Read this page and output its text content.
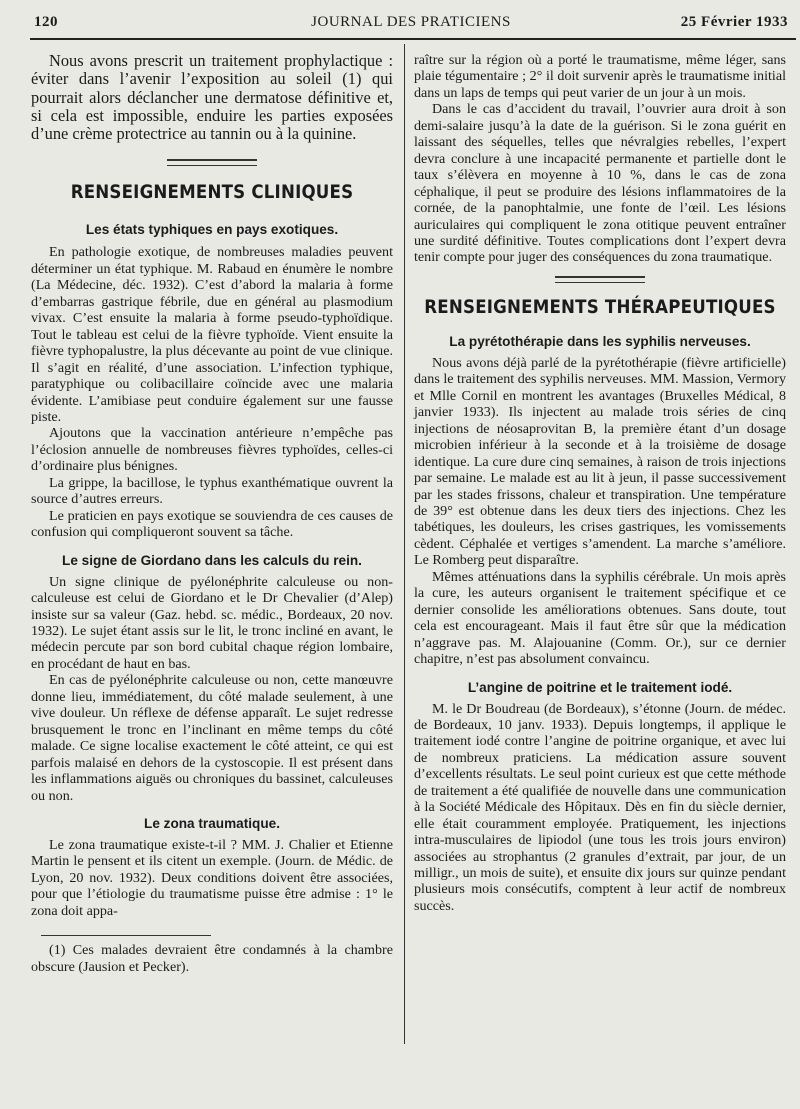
120	JOURNAL DES PRATICIENS	25 Février 1933

Nous avons prescrit un traitement prophylactique : éviter dans l’avenir l’exposition au soleil (1) qui pourrait alors déclancher une dermatose définitive et, si cela est impossible, enduire les parties exposées d’une crème protectrice au tannin ou à la quinine.

RENSEIGNEMENTS CLINIQUES
Les états typhiques en pays exotiques.

En pathologie exotique, de nombreuses maladies peuvent déterminer un état typhique. M. Rabaud en énumère le nombre (La Médecine, déc. 1932). C’est d’abord la malaria à forme d’embarras gastrique fébrile, due en général au plasmodium vivax. C’est ensuite la malaria à forme pseudo-typhoïdique. Tout le tableau est celui de la fièvre typhoïde. Vient ensuite la fièvre typhopalustre, la plus décevante au point de vue clinique. Il s’agit en réalité, d’une association. L’infection typhique, paratyphique ou colibacillaire coïncide avec une malaria évidente. L’amibiase peut conduire également sur une fausse piste.

Ajoutons que la vaccination antérieure n’empêche pas l’éclosion annuelle de nombreuses fièvres typhoïdes, celles-ci d’ordinaire plus bénignes.

La grippe, la bacillose, le typhus exanthématique ouvrent la source d’autres erreurs.

Le praticien en pays exotique se souviendra de ces causes de confusion qui compliqueront souvent sa tâche.

Le signe de Giordano dans les calculs du rein.

Un signe clinique de pyélonéphrite calculeuse ou non-calculeuse est celui de Giordano et le Dr Chevalier (d’Alep) insiste sur sa valeur (Gaz. hebd. sc. médic., Bordeaux, 20 nov. 1932). Le sujet étant assis sur le lit, le tronc incliné en avant, le médecin percute par son bord cubital chaque région lombaire, en procédant de haut en bas.

En cas de pyélonéphrite calculeuse ou non, cette manœuvre donne lieu, immédiatement, du côté malade seulement, à une vive douleur. Un réflexe de défense apparaît. Le sujet redresse brusquement le tronc en l’inclinant en même temps du côté malade. Ce signe localise exactement le côté atteint, ce qui est parfois malaisé en dehors de la cystoscopie. Il est présent dans les inflammations aiguës ou chroniques du bassinet, calculeuses ou non.

Le zona traumatique.

Le zona traumatique existe-t-il ? MM. J. Chalier et Etienne Martin le pensent et ils citent un exemple. (Journ. de Médic. de Lyon, 20 nov. 1932). Deux conditions doivent être associées, pour que l’étiologie du traumatisme puisse être admise : 1° le zona doit appa-

(1) Ces malades devraient être condamnés à la chambre obscure (Jausion et Pecker).

raître sur la région où a porté le traumatisme, même léger, sans plaie tégumentaire ; 2° il doit survenir après le traumatisme initial dans un laps de temps qui peut varier de un jour à un mois.

Dans le cas d’accident du travail, l’ouvrier aura droit à son demi-salaire jusqu’à la date de la guérison. Si le zona guérit en laissant des séquelles, telles que névralgies rebelles, l’expert devra conclure à une incapacité permanente et partielle dont le taux s’élèvera en moyenne à 10 %, dans le cas de zona céphalique, il peut se produire des lésions inflammatoires de la cornée, de la panophtalmie, une fonte de l’œil. Les lésions auriculaires qui compliquent le zona otitique peuvent entraîner une surdité définitive. Toutes complications dont l’expert devra tenir compte pour juger des conséquences du zona traumatique.

RENSEIGNEMENTS THÉRAPEUTIQUES
La pyrétothérapie dans les syphilis nerveuses.

Nous avons déjà parlé de la pyrétothérapie (fièvre artificielle) dans le traitement des syphilis nerveuses. MM. Massion, Vermory et Mlle Cornil en montrent les avantages (Bruxelles Médical, 8 janvier 1933). Ils injectent au malade trois séries de cinq injections de néosaprovitan B, la première étant d’un dosage microbien inférieur à la seconde et à la troisième de dosage identique. La cure dure cinq semaines, à raison de trois injections par semaine. Le malade est au lit à jeun, il passe successivement par les stades frissons, chaleur et transpiration. Une température de 39° est obtenue dans les deux tiers des injections. Chez les tabétiques, les douleurs, les crises gastriques, les vomissements cèdent. Céphalée et vertiges s’amendent. La marche s’améliore. Le Romberg peut disparaître.

Mêmes atténuations dans la syphilis cérébrale. Un mois après la cure, les auteurs organisent le traitement spécifique et ce dernier consolide les améliorations obtenues. Sans doute, tout cela est encourageant. Mais il faut être sûr que la médication n’aggrave pas. M. Alajouanine (Comm. Or.), sur ce dernier chapitre, n’est pas absolument convaincu.

L’angine de poitrine et le traitement iodé.

M. le Dr Boudreau (de Bordeaux), s’étonne (Journ. de médec. de Bordeaux, 10 janv. 1933). Depuis longtemps, il applique le traitement iodé contre l’angine de poitrine organique, et avec lui de nombreux praticiens. La médication assure souvent d’excellents résultats. Le seul point curieux est que cette méthode de traitement a été qualifiée de nouvelle dans une communication à la Société Médicale des Hôpitaux. Dès en fin du siècle dernier, elle était couramment employée. Pratiquement, les injections intra-musculaires de lipiodol (une tous les trois jours environ) associées au strophantus (2 granules d’extrait, par jour, de un milligr., un mois de suite), et ensuite dix jours sur quinze pendant plusieurs mois consécutifs, comptent à leur actif de nombreux succès.
